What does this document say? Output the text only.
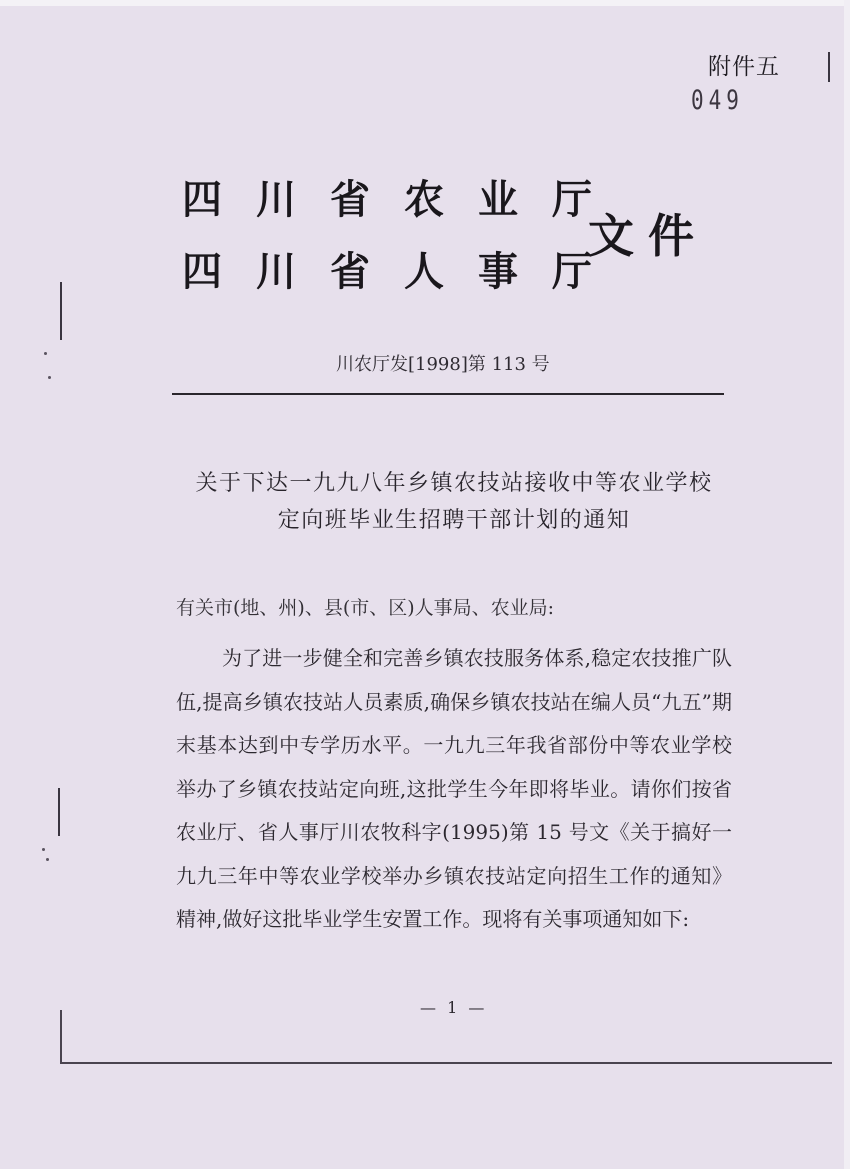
附件五
049
四川省农业厅
四川省人事厅
文件
川农厅发[1998]第 113 号
关于下达一九九八年乡镇农技站接收中等农业学校
定向班毕业生招聘干部计划的通知
有关市(地、州)、县(市、区)人事局、农业局:
为了进一步健全和完善乡镇农技服务体系,稳定农技推广队伍,提高乡镇农技站人员素质,确保乡镇农技站在编人员“九五”期末基本达到中专学历水平。一九九三年我省部份中等农业学校举办了乡镇农技站定向班,这批学生今年即将毕业。请你们按省农业厅、省人事厅川农牧科字(1995)第 15 号文《关于搞好一九九三年中等农业学校举办乡镇农技站定向招生工作的通知》精神,做好这批毕业学生安置工作。现将有关事项通知如下:
— 1 —
